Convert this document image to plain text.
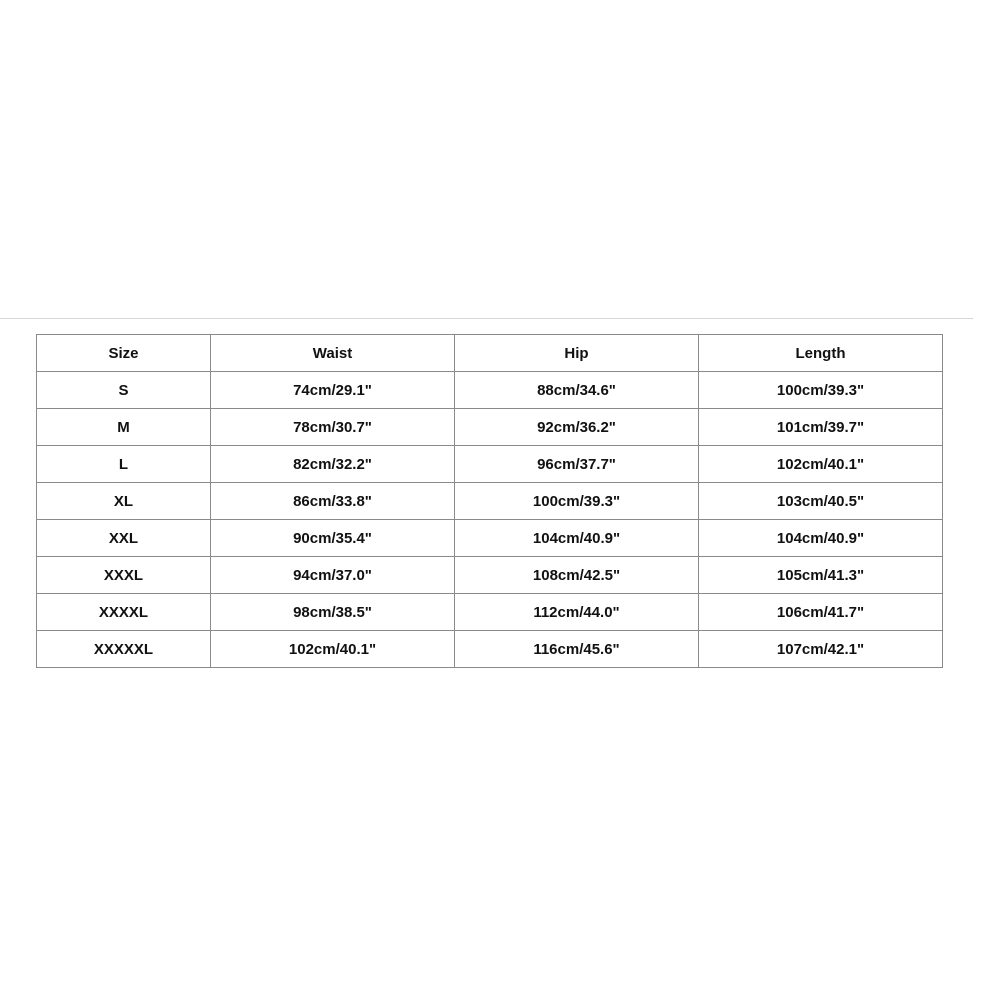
Size	Waist	Hip	Length
S	74cm/29.1"	88cm/34.6"	100cm/39.3"
M	78cm/30.7"	92cm/36.2"	101cm/39.7"
L	82cm/32.2"	96cm/37.7"	102cm/40.1"
XL	86cm/33.8"	100cm/39.3"	103cm/40.5"
XXL	90cm/35.4"	104cm/40.9"	104cm/40.9"
XXXL	94cm/37.0"	108cm/42.5"	105cm/41.3"
XXXXL	98cm/38.5"	112cm/44.0"	106cm/41.7"
XXXXXL	102cm/40.1"	116cm/45.6"	107cm/42.1"
